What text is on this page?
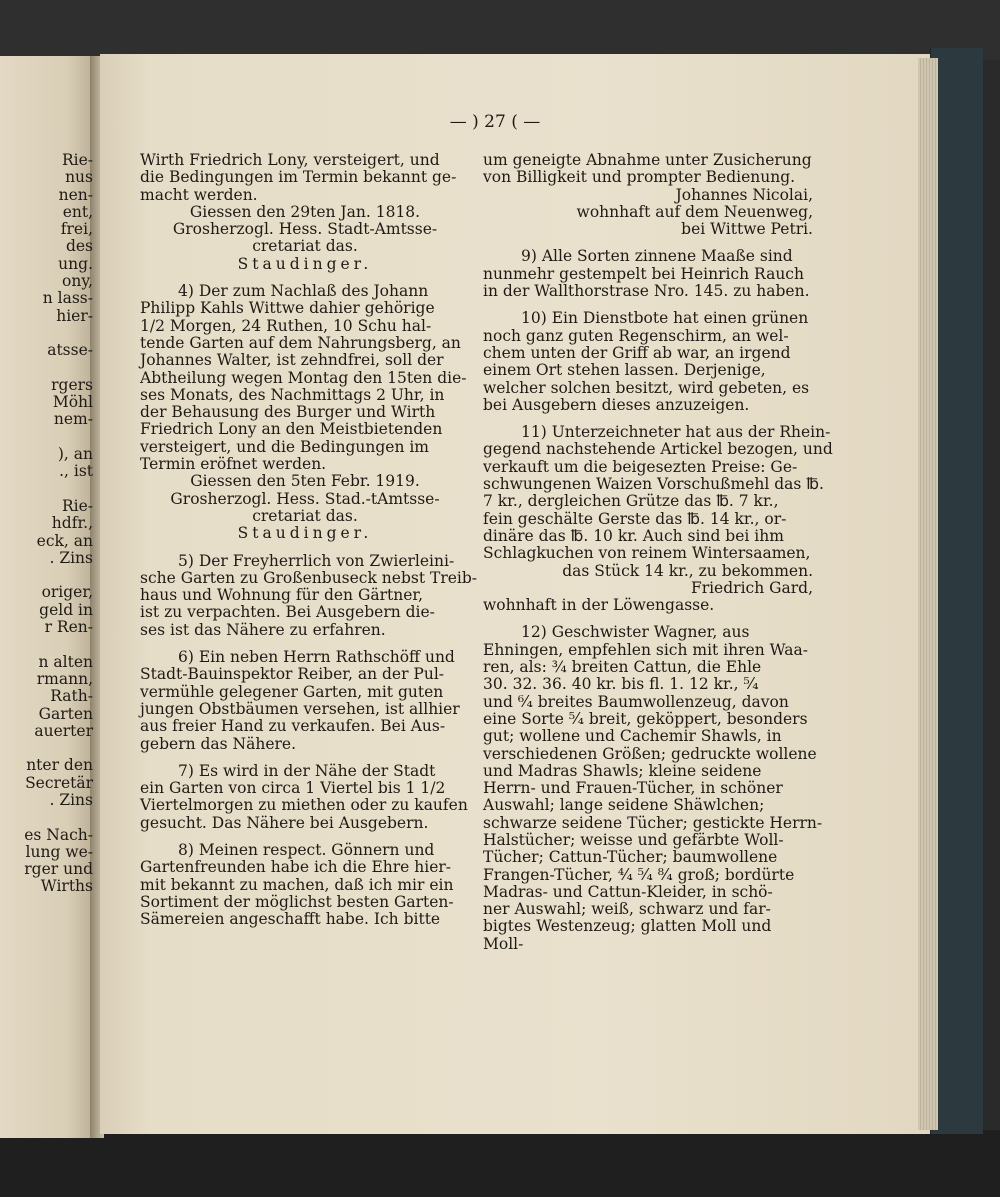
— ) 27 ( —
Rie-
nus
nen-
ent,
frei,
des
ung.
ony,
n lass-
hier-
atsse-
rgers
Möhl
nem-
), an
., ist
Rie-
hdfr.,
eck, an
. Zins
origer,
geld in
r Ren-
n alten
rmann,
Rath-
Garten
auerter
nter den
Secretär
. Zins
es Nach-
lung we-
rger und
Wirths
Wirth Friedrich Lony, versteigert, und
die Bedingungen im Termin bekannt ge-
macht werden.
Giessen den 29ten Jan. 1818.
Grosherzogl. Hess. Stadt-Amtsse-
cretariat das.
Staudinger.
4) Der zum Nachlaß des Johann
Philipp Kahls Wittwe dahier gehörige
1/2 Morgen, 24 Ruthen, 10 Schu hal-
tende Garten auf dem Nahrungsberg, an
Johannes Walter, ist zehndfrei, soll der
Abtheilung wegen Montag den 15ten die-
ses Monats, des Nachmittags 2 Uhr, in
der Behausung des Burger und Wirth
Friedrich Lony an den Meistbietenden
versteigert, und die Bedingungen im
Termin eröfnet werden.
Giessen den 5ten Febr. 1919.
Grosherzogl. Hess. Stad.-tAmtsse-
cretariat das.
Staudinger.
5) Der Freyherrlich von Zwierleini-
sche Garten zu Großenbuseck nebst Treib-
haus und Wohnung für den Gärtner,
ist zu verpachten. Bei Ausgebern die-
ses ist das Nähere zu erfahren.
6) Ein neben Herrn Rathschöff und
Stadt-Bauinspektor Reiber, an der Pul-
vermühle gelegener Garten, mit guten
jungen Obstbäumen versehen, ist allhier
aus freier Hand zu verkaufen. Bei Aus-
gebern das Nähere.
7) Es wird in der Nähe der Stadt
ein Garten von circa 1 Viertel bis 1 1/2
Viertelmorgen zu miethen oder zu kaufen
gesucht. Das Nähere bei Ausgebern.
8) Meinen respect. Gönnern und
Gartenfreunden habe ich die Ehre hier-
mit bekannt zu machen, daß ich mir ein
Sortiment der möglichst besten Garten-
Sämereien angeschafft habe. Ich bitte
um geneigte Abnahme unter Zusicherung
von Billigkeit und prompter Bedienung.
Johannes Nicolai,
wohnhaft auf dem Neuenweg,
bei Wittwe Petri.
9) Alle Sorten zinnene Maaße sind
nunmehr gestempelt bei Heinrich Rauch
in der Wallthorstrase Nro. 145. zu haben.
10) Ein Dienstbote hat einen grünen
noch ganz guten Regenschirm, an wel-
chem unten der Griff ab war, an irgend
einem Ort stehen lassen. Derjenige,
welcher solchen besitzt, wird gebeten, es
bei Ausgebern dieses anzuzeigen.
11) Unterzeichneter hat aus der Rhein-
gegend nachstehende Artickel bezogen, und
verkauft um die beigesezten Preise: Ge-
schwungenen Waizen Vorschußmehl das ℔.
7 kr., dergleichen Grütze das ℔. 7 kr.,
fein geschälte Gerste das ℔. 14 kr., or-
dinäre das ℔. 10 kr. Auch sind bei ihm
Schlagkuchen von reinem Wintersaamen,
das Stück 14 kr., zu bekommen.
Friedrich Gard,
wohnhaft in der Löwengasse.
12) Geschwister Wagner, aus
Ehningen, empfehlen sich mit ihren Waa-
ren, als: ¾ breiten Cattun, die Ehle
30. 32. 36. 40 kr. bis fl. 1. 12 kr., ⁵⁄₄
und ⁶⁄₄ breites Baumwollenzeug, davon
eine Sorte ⁵⁄₄ breit, geköppert, besonders
gut; wollene und Cachemir Shawls, in
verschiedenen Größen; gedruckte wollene
und Madras Shawls; kleine seidene
Herrn- und Frauen-Tücher, in schöner
Auswahl; lange seidene Shäwlchen;
schwarze seidene Tücher; gestickte Herrn-
Halstücher; weisse und gefärbte Woll-
Tücher; Cattun-Tücher; baumwollene
Frangen-Tücher, ⁴⁄₄ ⁵⁄₄ ⁸⁄₄ groß; bordürte
Madras- und Cattun-Kleider, in schö-
ner Auswahl; weiß, schwarz und far-
bigtes Westenzeug; glatten Moll und
Moll-
